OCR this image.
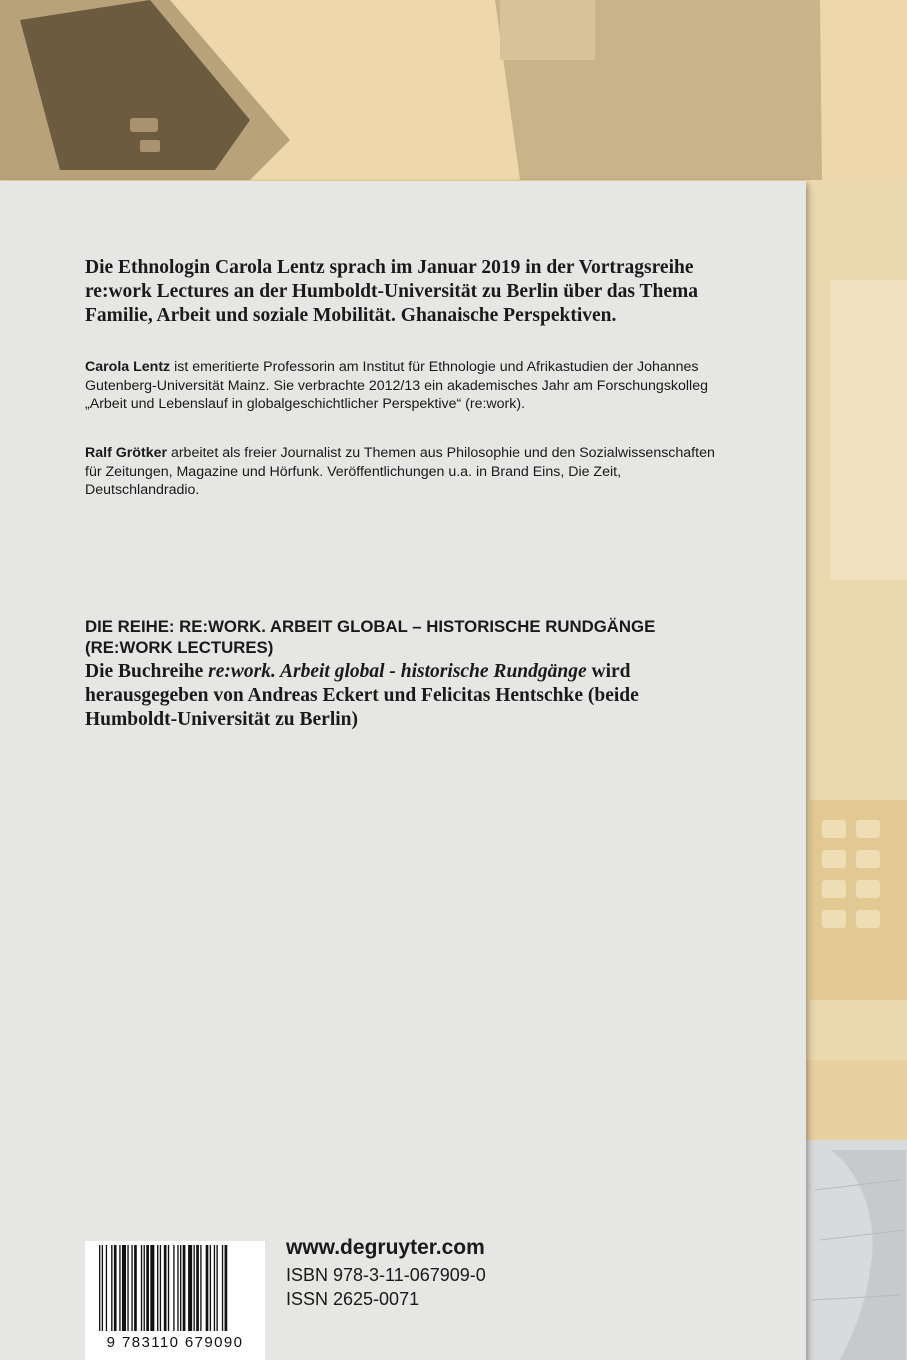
Die Ethnologin Carola Lentz sprach im Januar 2019 in der Vortragsreihe re:work Lectures an der Humboldt-Universität zu Berlin über das Thema Familie, Arbeit und soziale Mobilität. Ghanaische Perspektiven.

Carola Lentz ist emeritierte Professorin am Institut für Ethnologie und Afrikastudien der Johannes Gutenberg-Universität Mainz. Sie verbrachte 2012/13 ein akademisches Jahr am Forschungskolleg „Arbeit und Lebenslauf in globalgeschichtlicher Perspektive“ (re:work).

Ralf Grötker arbeitet als freier Journalist zu Themen aus Philosophie und den Sozialwissenschaften für Zeitungen, Magazine und Hörfunk. Veröffentlichungen u.a. in Brand Eins, Die Zeit, Deutschlandradio.

DIE REIHE: RE:WORK. ARBEIT GLOBAL – HISTORISCHE RUNDGÄNGE (RE:WORK LECTURES)

Die Buchreihe re:work. Arbeit global - historische Rundgänge wird herausgegeben von Andreas Eckert und Felicitas Hentschke (beide Humboldt-Universität zu Berlin)

9 783110 679090

www.degruyter.com

ISBN 978-3-11-067909-0

ISSN 2625-0071
